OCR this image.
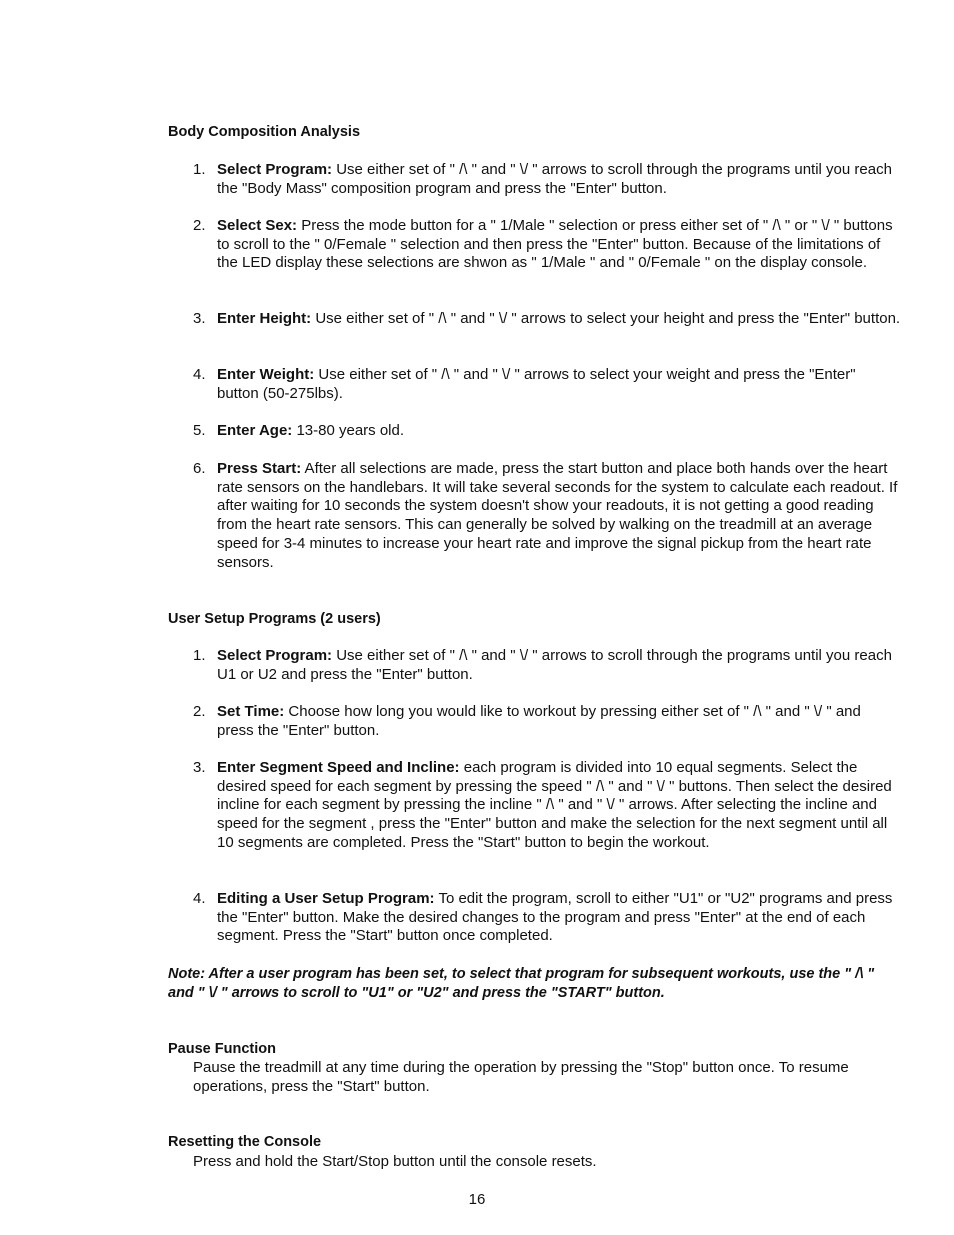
Body Composition Analysis
1. Select Program: Use either set of " /\ " and " \/ " arrows to scroll through the programs until you reach the "Body Mass" composition program and press the "Enter" button.
2. Select Sex: Press the mode button for a " 1/Male " selection or press either set of " /\ " or " \/ " buttons to scroll to the " 0/Female " selection and then press the "Enter" button. Because of the limitations of the LED display these selections are shwon as " 1/Male " and " 0/Female " on the display console.
3. Enter Height: Use either set of " /\ " and " \/ " arrows to select your height and press the "Enter" button.
4. Enter Weight: Use either set of " /\ " and " \/ " arrows to select your weight and press the "Enter" button (50-275lbs).
5. Enter Age: 13-80 years old.
6. Press Start: After all selections are made, press the start button and place both hands over the heart rate sensors on the handlebars. It will take several seconds for the system to calculate each readout. If after waiting for 10 seconds the system doesn't show your readouts, it is not getting a good reading from the heart rate sensors. This can generally be solved by walking on the treadmill at an average speed for 3-4 minutes to increase your heart rate and improve the signal pickup from the heart rate sensors.
User Setup Programs (2 users)
1. Select Program: Use either set of " /\ " and " \/ " arrows to scroll through the programs until you reach U1 or U2 and press the "Enter" button.
2. Set Time: Choose how long you would like to workout by pressing either set of " /\ " and " \/ " and press the "Enter" button.
3. Enter Segment Speed and Incline: each program is divided into 10 equal segments. Select the desired speed for each segment by pressing the speed " /\ " and " \/ " buttons. Then select the desired incline for each segment by pressing the incline " /\ " and " \/ " arrows. After selecting the incline and speed for the segment , press the "Enter" button and make the selection for the next segment until all 10 segments are completed. Press the "Start" button to begin the workout.
4. Editing a User Setup Program: To edit the program, scroll to either "U1" or "U2" programs and press the "Enter" button. Make the desired changes to the program and press "Enter" at the end of each segment. Press the "Start" button once completed.
Note: After a user program has been set, to select that program for subsequent workouts, use the " /\ " and " \/ " arrows to scroll to "U1" or "U2" and press the "START" button.
Pause Function
Pause the treadmill at any time during the operation by pressing the "Stop" button once. To resume operations, press the "Start" button.
Resetting the Console
Press and hold the Start/Stop button until the console resets.
16
